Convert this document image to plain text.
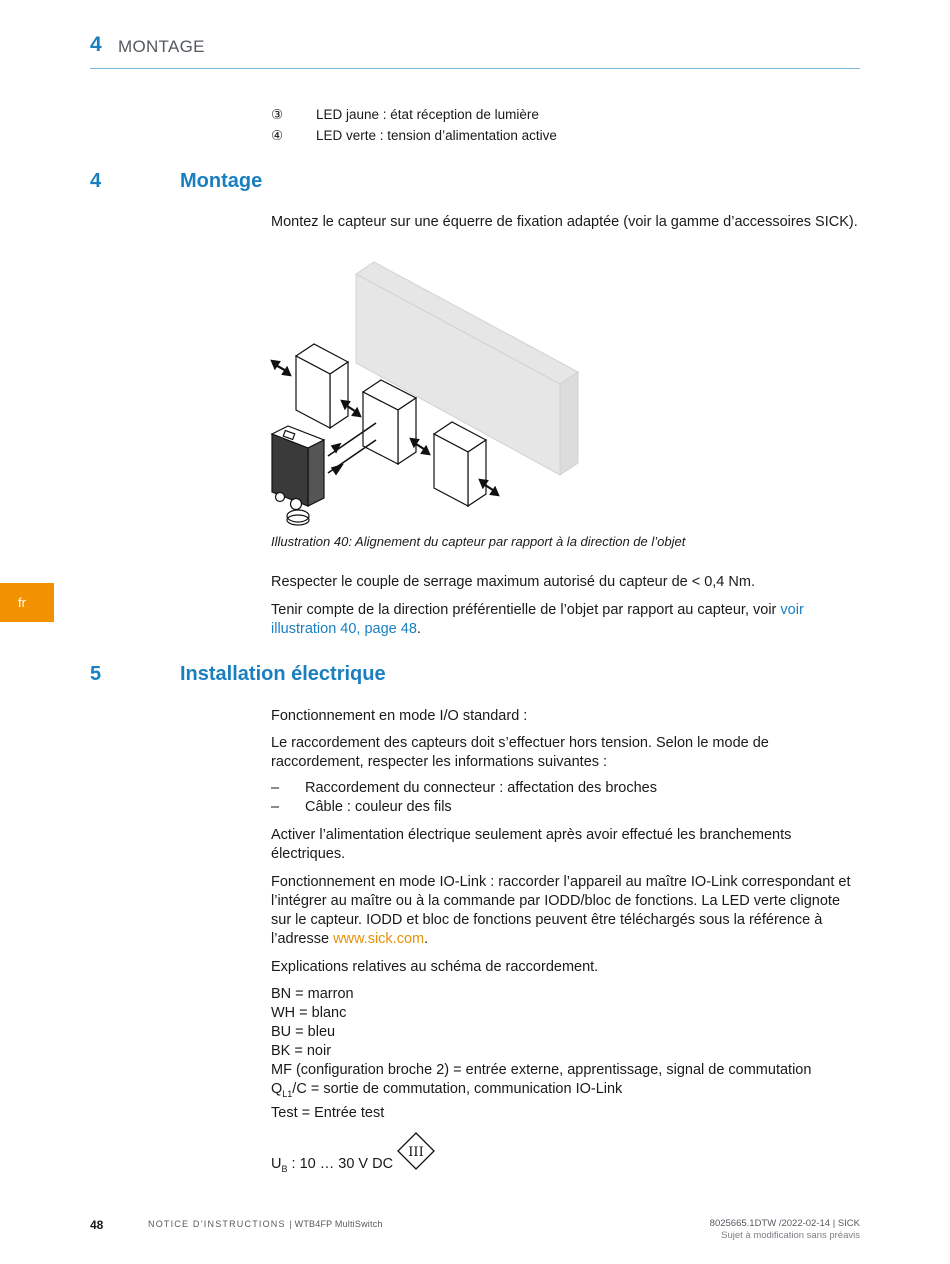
4 MONTAGE
③ LED jaune : état réception de lumière
④ LED verte : tension d’alimentation active
4	Montage
Montez le capteur sur une équerre de fixation adaptée (voir la gamme d’accessoires SICK).
Illustration 40: Alignement du capteur par rapport à la direction de l’objet
Respecter le couple de serrage maximum autorisé du capteur de < 0,4 Nm.
Tenir compte de la direction préférentielle de l’objet par rapport au capteur, voir voir illustration 40, page 48.
fr
5	Installation électrique
Fonctionnement en mode I/O standard :
Le raccordement des capteurs doit s’effectuer hors tension. Selon le mode de raccordement, respecter les informations suivantes :
– Raccordement du connecteur : affectation des broches
– Câble : couleur des fils
Activer l’alimentation électrique seulement après avoir effectué les branchements électriques.
Fonctionnement en mode IO-Link : raccorder l’appareil au maître IO-Link correspondant et l’intégrer au maître ou à la commande par IODD/bloc de fonctions. La LED verte clignote sur le capteur. IODD et bloc de fonctions peuvent être téléchargés sous la référence à l’adresse www.sick.com.
Explications relatives au schéma de raccordement.
BN = marron
WH = blanc
BU = bleu
BK = noir
MF (configuration broche 2) = entrée externe, apprentissage, signal de commutation
$Q_{L1}/C$ = sortie de commutation, communication IO-Link
Test = Entrée test
$U_B$ : 10 … 30 V DC
III
48	NOTICE D’INSTRUCTIONS | WTB4FP MultiSwitch	8025665.1DTW /2022-02-14 | SICK
Sujet à modification sans préavis
